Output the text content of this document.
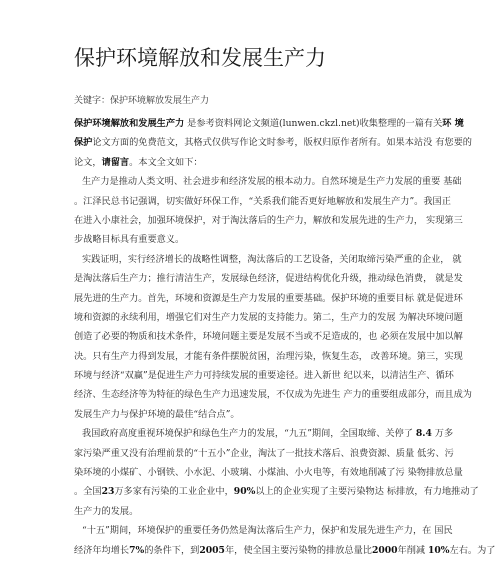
保护环境解放和发展生产力
关键字：保护环境解放发展生产力
保护环境解放和发展生产力 是参考资料网论文频道(lunwen.ckzl.net)收集整理的一篇有关环 境
保护论文方面的免费范文，其格式仅供写作论文时参考，版权归原作者所有。如果本站没 有您要的
论文，请留言。本文全文如下：
生产力是推动人类文明、社会进步和经济发展的根本动力。自然环境是生产力发展的重要 基础
。江泽民总书记强调，切实做好环保工作，“关系我们能否更好地解放和发展生产力”。我国正
在进入小康社会，加强环境保护，对于淘汰落后的生产力，解放和发展先进的生产力， 实现第三
步战略目标具有重要意义。
实践证明，实行经济增长的战略性调整，淘汰落后的工艺设备，关闭取缔污染严重的企业， 就
是淘汰落后生产力；推行清洁生产，发展绿色经济，促进结构优化升级，推动绿色消费， 就是发
展先进的生产力。首先，环境和资源是生产力发展的重要基础。保护环境的重要目标 就是促进环
境和资源的永续利用，增强它们对生产力发展的支持能力。第二，生产力的发展 为解决环境问题
创造了必要的物质和技术条件，环境问题主要是发展不当或不足造成的，也 必须在发展中加以解
决。只有生产力得到发展，才能有条件摆脱贫困，治理污染，恢复生态， 改善环境。第三，实现
环境与经济“双赢”是促进生产力可持续发展的重要途径。进入新世 纪以来，以清洁生产、循环
经济、生态经济等为特征的绿色生产力迅速发展，不仅成为先进生 产力的重要组成部分，而且成为
发展生产力与保护环境的最佳“结合点”。
我国政府高度重视环境保护和绿色生产力的发展，“九五”期间，全国取缔、关停了 8.4 万多
家污染严重又没有治理前景的“十五小”企业，淘汰了一批技术落后、浪费资源、质量 低劣、污
染环境的小煤矿、小钢铁、小水泥、小玻璃、小煤油、小火电等，有效地削减了污 染物排放总量
。全国23万多家有污染的工业企业中，90%以上的企业实现了主要污染物达 标排放，有力地推动了
生产力的发展。
“十五”期间，环境保护的重要任务仍然是淘汰落后生产力，保护和发展先进生产力，在 国民
经济年均增长7%的条件下，到2005年，使全国主要污染物的排放总量比2000年削减 10%左右。为了
